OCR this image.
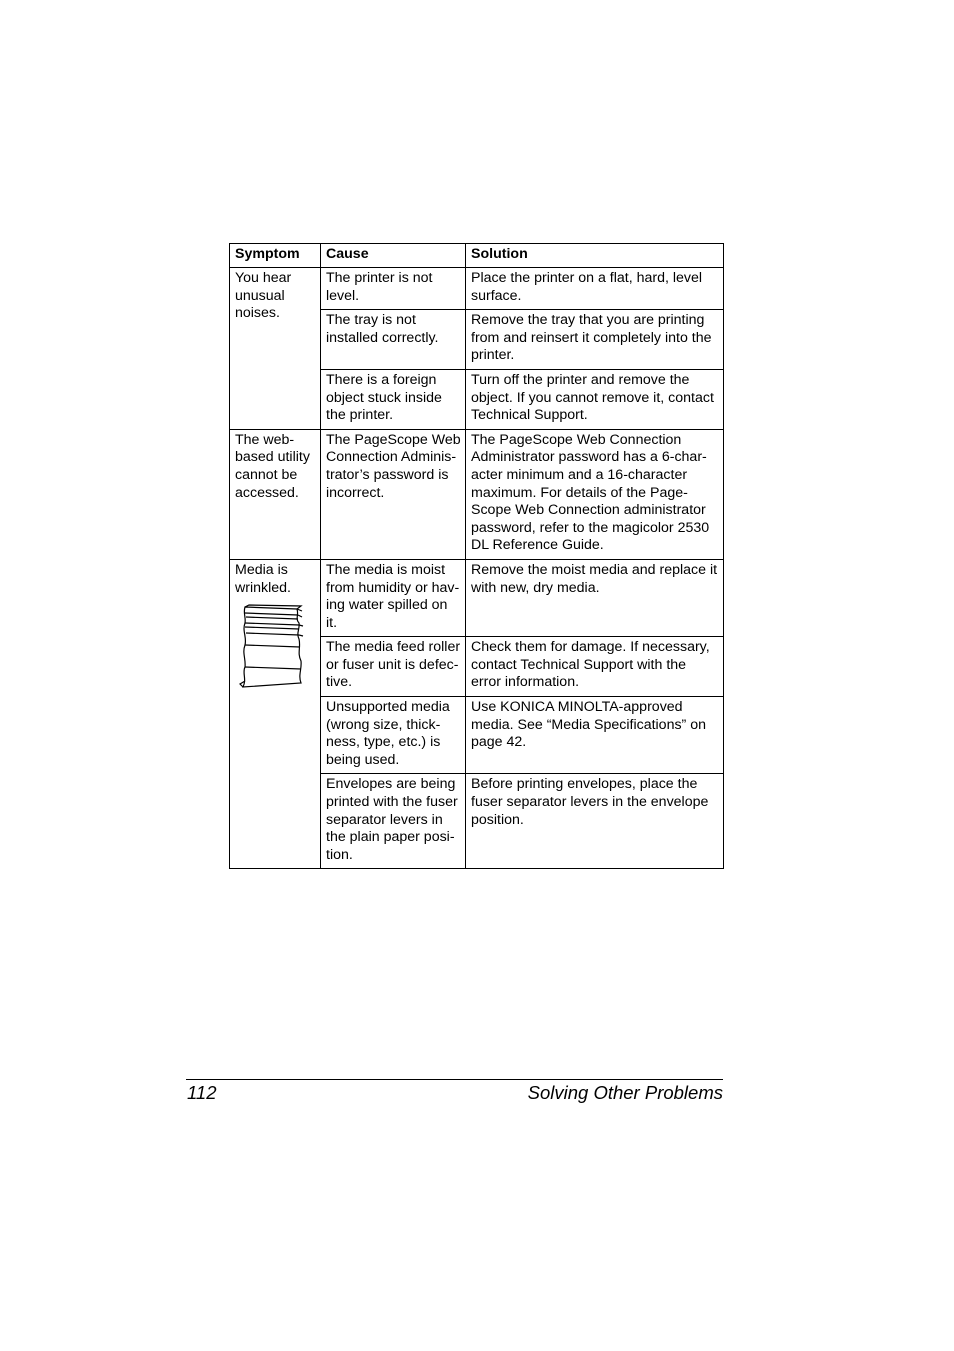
Symptom	Cause	Solution
You hear unusual noises.	The printer is not level.	Place the printer on a flat, hard, level surface.
	The tray is not installed correctly.	Remove the tray that you are printing from and reinsert it completely into the printer.
	There is a foreign object stuck inside the printer.	Turn off the printer and remove the object. If you cannot remove it, contact Technical Support.
The web-based utility cannot be accessed.	The PageScope Web Connection Adminis- trator’s password is incorrect.	The PageScope Web Connection Administrator password has a 6-char- acter minimum and a 16-character maximum. For details of the Page- Scope Web Connection administrator password, refer to the magicolor 2530 DL Reference Guide.
Media is wrinkled.	The media is moist from humidity or hav- ing water spilled on it.	Remove the moist media and replace it with new, dry media.
	The media feed roller or fuser unit is defec- tive.	Check them for damage. If necessary, contact Technical Support with the error information.
	Unsupported media (wrong size, thick- ness, type, etc.) is being used.	Use KONICA MINOLTA-approved media. See “Media Specifications” on page 42.
	Envelopes are being printed with the fuser separator levers in the plain paper posi- tion.	Before printing envelopes, place the fuser separator levers in the envelope position.
112	Solving Other Problems
